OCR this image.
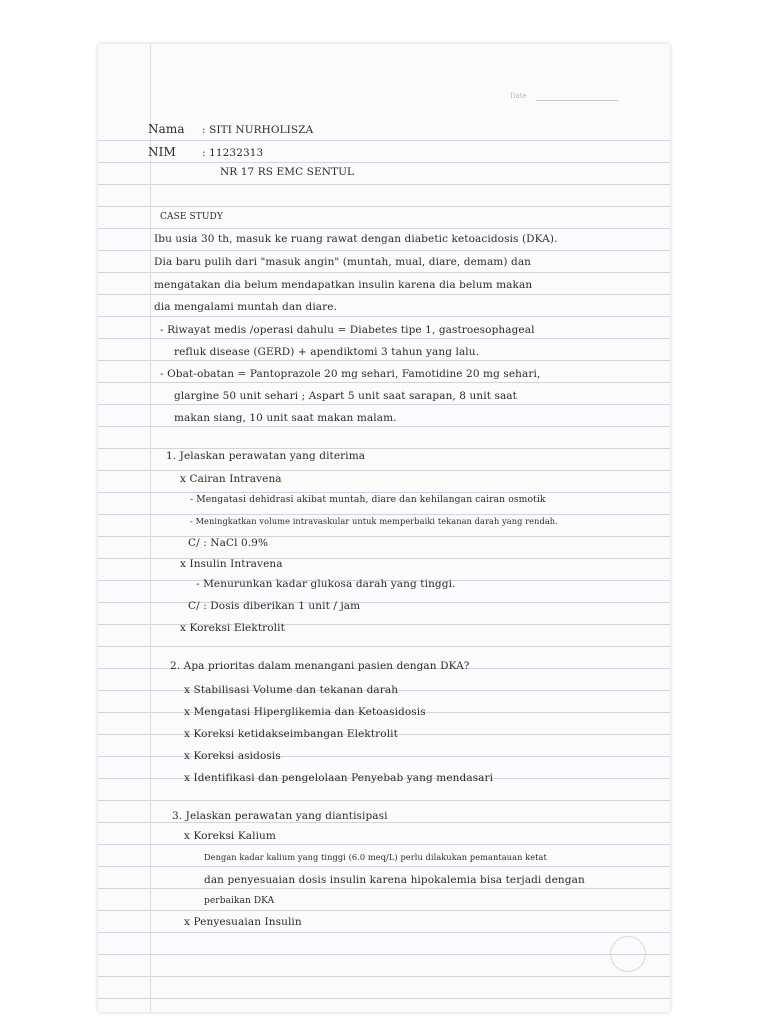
Date

Nama : SITI NURHOLISZA

NIM : 11232313

NR 17 RS EMC SENTUL

CASE STUDY

Ibu usia 30 th, masuk ke ruang rawat dengan diabetic ketoacidosis (DKA).

Dia baru pulih dari "masuk angin" (muntah, mual, diare, demam) dan

mengatakan dia belum mendapatkan insulin karena dia belum makan

dia mengalami muntah dan diare.

- Riwayat medis /operasi dahulu = Diabetes tipe 1, gastroesophageal

refluk disease (GERD) + apendiktomi 3 tahun yang lalu.

- Obat-obatan = Pantoprazole 20 mg sehari, Famotidine 20 mg sehari,

glargine 50 unit sehari ; Aspart 5 unit saat sarapan, 8 unit saat

makan siang, 10 unit saat makan malam.

1. Jelaskan perawatan yang diterima

x Cairan Intravena

- Mengatasi dehidrasi akibat muntah, diare dan kehilangan cairan osmotik

- Meningkatkan volume intravaskular untuk memperbaiki tekanan darah yang rendah.

C/ : NaCl 0.9%

x Insulin Intravena

- Menurunkan kadar glukosa darah yang tinggi.

C/ : Dosis diberikan 1 unit / jam

x Koreksi Elektrolit

2. Apa prioritas dalam menangani pasien dengan DKA?

x Stabilisasi Volume dan tekanan darah

x Mengatasi Hiperglikemia dan Ketoasidosis

x Koreksi ketidakseimbangan Elektrolit

x Koreksi asidosis

x Identifikasi dan pengelolaan Penyebab yang mendasari

3. Jelaskan perawatan yang diantisipasi

x Koreksi Kalium

Dengan kadar kalium yang tinggi (6.0 meq/L) perlu dilakukan pemantauan ketat

dan penyesuaian dosis insulin karena hipokalemia bisa terjadi dengan

perbaikan DKA

x Penyesuaian Insulin
